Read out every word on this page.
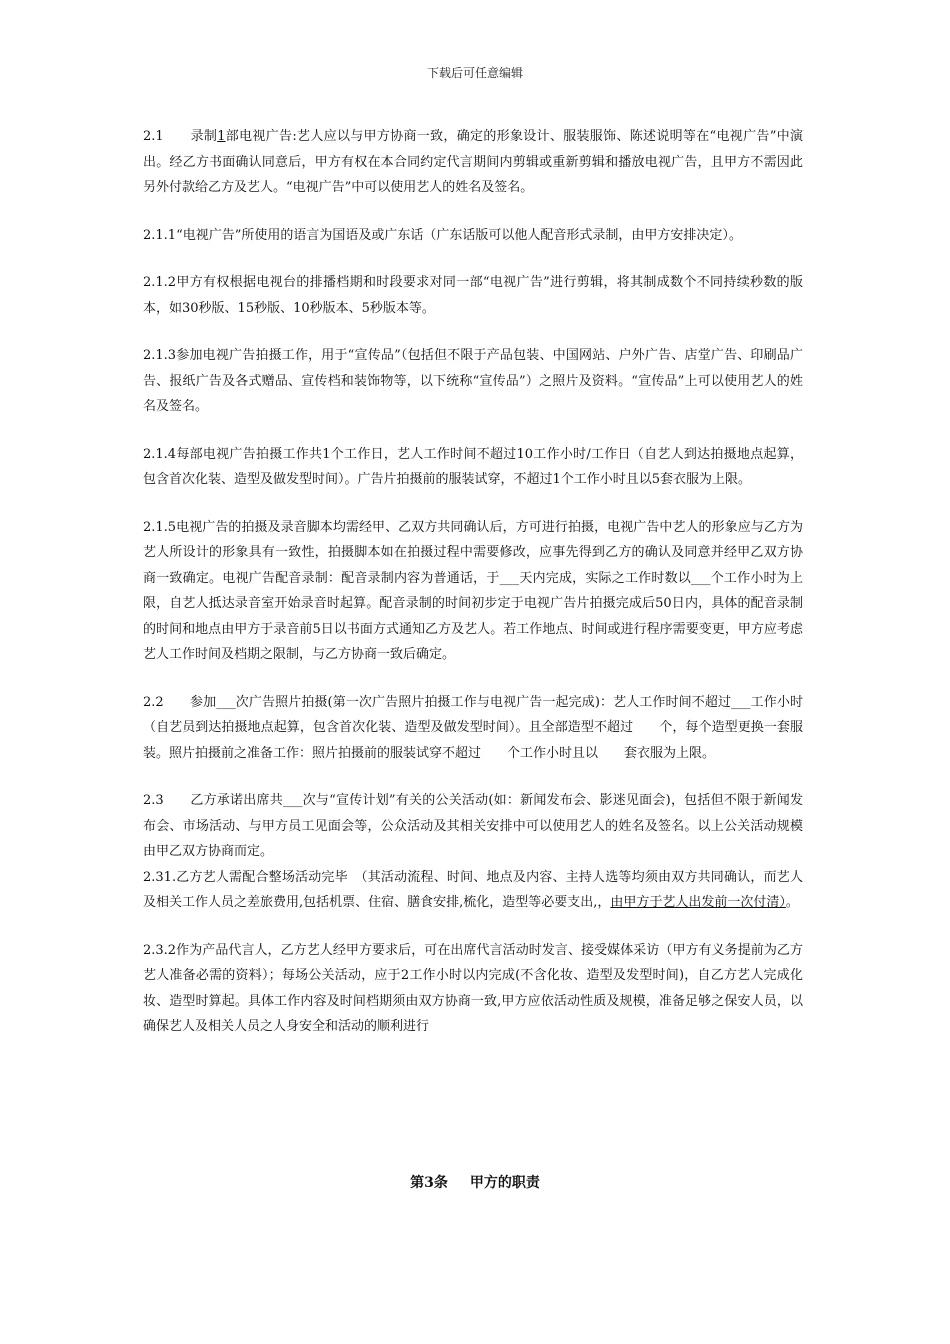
下载后可任意编辑

2.1　　录制1部电视广告:艺人应以与甲方协商一致，确定的形象设计、服装服饰、陈述说明等在“电视广告”中演出。经乙方书面确认同意后，甲方有权在本合同约定代言期间内剪辑或重新剪辑和播放电视广告，且甲方不需因此另外付款给乙方及艺人。“电视广告”中可以使用艺人的姓名及签名。

2.1.1“电视广告”所使用的语言为国语及或广东话（广东话版可以他人配音形式录制，由甲方安排决定）。

2.1.2甲方有权根据电视台的排播档期和时段要求对同一部“电视广告”进行剪辑，将其制成数个不同持续秒数的版本，如30秒版、15秒版、10秒版本、5秒版本等。

2.1.3参加电视广告拍摄工作，用于“宣传品”（包括但不限于产品包装、中国网站、户外广告、店堂广告、印刷品广告、报纸广告及各式赠品、宣传档和装饰物等，以下统称“宣传品”）之照片及资料。“宣传品”上可以使用艺人的姓名及签名。

2.1.4每部电视广告拍摄工作共1个工作日，艺人工作时间不超过10工作小时/工作日（自艺人到达拍摄地点起算，包含首次化装、造型及做发型时间）。广告片拍摄前的服装试穿，不超过1个工作小时且以5套衣服为上限。

2.1.5电视广告的拍摄及录音脚本均需经甲、乙双方共同确认后，方可进行拍摄，电视广告中艺人的形象应与乙方为艺人所设计的形象具有一致性，拍摄脚本如在拍摄过程中需要修改，应事先得到乙方的确认及同意并经甲乙双方协商一致确定。电视广告配音录制：配音录制内容为普通话，于___天内完成，实际之工作时数以___个工作小时为上限，自艺人抵达录音室开始录音时起算。配音录制的时间初步定于电视广告片拍摄完成后50日内，具体的配音录制的时间和地点由甲方于录音前5日以书面方式通知乙方及艺人。若工作地点、时间或进行程序需要变更，甲方应考虑艺人工作时间及档期之限制，与乙方协商一致后确定。

2.2　　参加___次广告照片拍摄(第一次广告照片拍摄工作与电视广告一起完成)：艺人工作时间不超过___工作小时（自艺员到达拍摄地点起算，包含首次化装、造型及做发型时间）。且全部造型不超过　　个，每个造型更换一套服装。照片拍摄前之准备工作：照片拍摄前的服装试穿不超过　　个工作小时且以　　套衣服为上限。

2.3　　乙方承诺出席共___次与“宣传计划”有关的公关活动(如：新闻发布会、影迷见面会)，包括但不限于新闻发布会、市场活动、与甲方员工见面会等，公众活动及其相关安排中可以使用艺人的姓名及签名。以上公关活动规模由甲乙双方协商而定。

2.31.乙方艺人需配合整场活动完毕　（其活动流程、时间、地点及内容、主持人选等均须由双方共同确认，而艺人及相关工作人员之差旅费用,包括机票、住宿、膳食安排,梳化，造型等必要支出,，由甲方于艺人出发前一次付清）。

2.3.2作为产品代言人，乙方艺人经甲方要求后，可在出席代言活动时发言、接受媒体采访（甲方有义务提前为乙方艺人准备必需的资料）；每场公关活动，应于2工作小时以内完成(不含化妆、造型及发型时间)，自乙方艺人完成化妆、造型时算起。具体工作内容及时间档期须由双方协商一致,甲方应依活动性质及规模，准备足够之保安人员，以确保艺人及相关人员之人身安全和活动的顺利进行

第3条 甲方的职责
